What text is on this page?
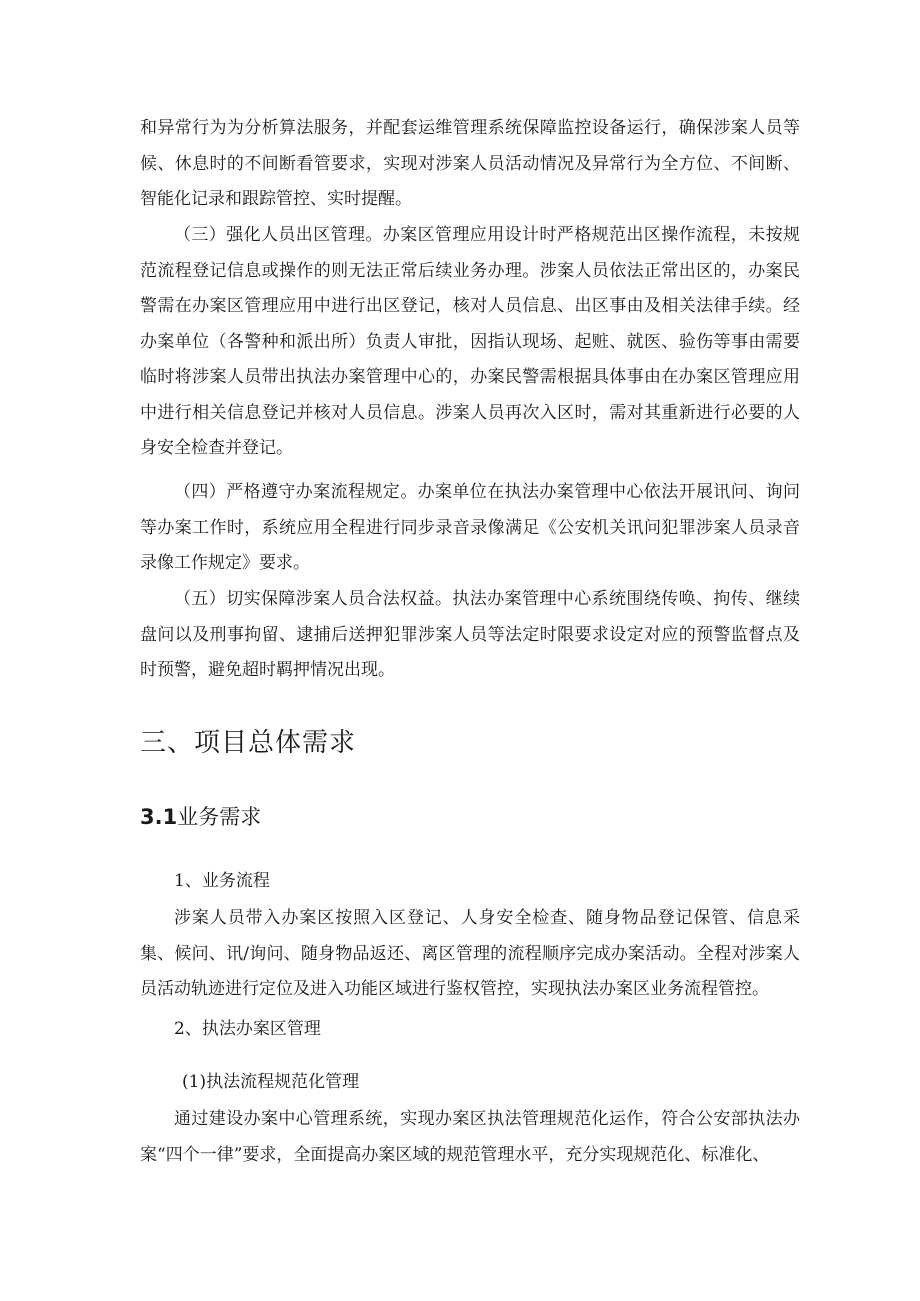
和异常行为为分析算法服务，并配套运维管理系统保障监控设备运行，确保涉案人员等候、休息时的不间断看管要求，实现对涉案人员活动情况及异常行为全方位、不间断、智能化记录和跟踪管控、实时提醒。

（三）强化人员出区管理。办案区管理应用设计时严格规范出区操作流程，未按规范流程登记信息或操作的则无法正常后续业务办理。涉案人员依法正常出区的，办案民警需在办案区管理应用中进行出区登记，核对人员信息、出区事由及相关法律手续。经办案单位（各警种和派出所）负责人审批，因指认现场、起赃、就医、验伤等事由需要临时将涉案人员带出执法办案管理中心的，办案民警需根据具体事由在办案区管理应用中进行相关信息登记并核对人员信息。涉案人员再次入区时，需对其重新进行必要的人身安全检查并登记。

（四）严格遵守办案流程规定。办案单位在执法办案管理中心依法开展讯问、询问等办案工作时，系统应用全程进行同步录音录像满足《公安机关讯问犯罪涉案人员录音录像工作规定》要求。

（五）切实保障涉案人员合法权益。执法办案管理中心系统围绕传唤、拘传、继续盘问以及刑事拘留、逮捕后送押犯罪涉案人员等法定时限要求设定对应的预警监督点及时预警，避免超时羁押情况出现。

三、项目总体需求
3.1业务需求

1、业务流程

涉案人员带入办案区按照入区登记、人身安全检查、随身物品登记保管、信息采集、候问、讯/询问、随身物品返还、离区管理的流程顺序完成办案活动。全程对涉案人员活动轨迹进行定位及进入功能区域进行鉴权管控，实现执法办案区业务流程管控。

2、执法办案区管理

(1)执法流程规范化管理

通过建设办案中心管理系统，实现办案区执法管理规范化运作，符合公安部执法办案“四个一律”要求，全面提高办案区域的规范管理水平，充分实现规范化、标准化、
